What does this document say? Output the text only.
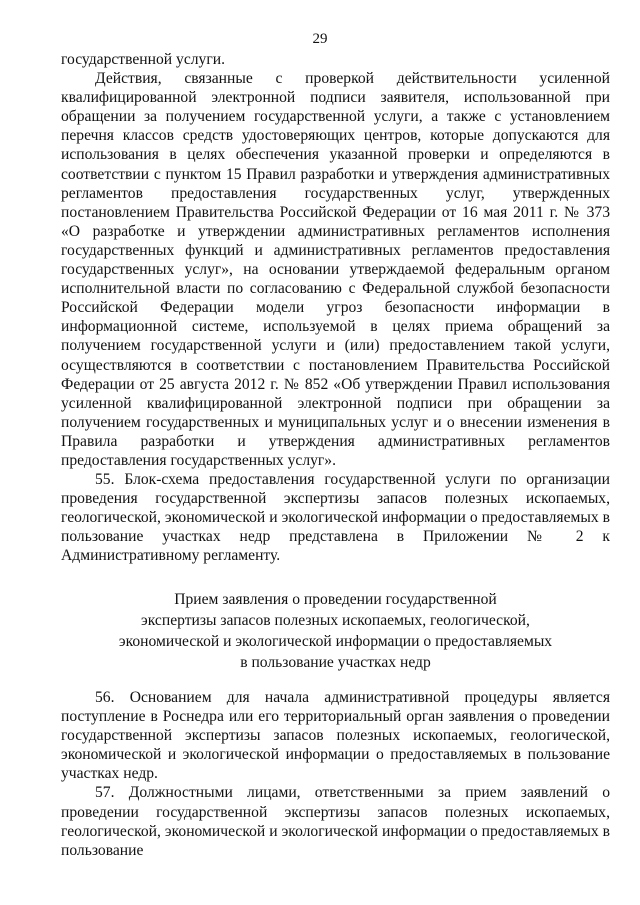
29

государственной услуги.

Действия, связанные с проверкой действительности усиленной квалифицированной электронной подписи заявителя, использованной при обращении за получением государственной услуги, а также с установлением перечня классов средств удостоверяющих центров, которые допускаются для использования в целях обеспечения указанной проверки и определяются в соответствии с пунктом 15 Правил разработки и утверждения административных регламентов предоставления государственных услуг, утвержденных постановлением Правительства Российской Федерации от 16 мая 2011 г. № 373 «О разработке и утверждении административных регламентов исполнения государственных функций и административных регламентов предоставления государственных услуг», на основании утверждаемой федеральным органом исполнительной власти по согласованию с Федеральной службой безопасности Российской Федерации модели угроз безопасности информации в информационной системе, используемой в целях приема обращений за получением государственной услуги и (или) предоставлением такой услуги, осуществляются в соответствии с постановлением Правительства Российской Федерации от 25 августа 2012 г. № 852 «Об утверждении Правил использования усиленной квалифицированной электронной подписи при обращении за получением государственных и муниципальных услуг и о внесении изменения в Правила разработки и утверждения административных регламентов предоставления государственных услуг».

55. Блок-схема предоставления государственной услуги по организации проведения государственной экспертизы запасов полезных ископаемых, геологической, экономической и экологической информации о предоставляемых в пользование участках недр представлена в Приложении № 2 к Административному регламенту.

Прием заявления о проведении государственной
экспертизы запасов полезных ископаемых, геологической,
экономической и экологической информации о предоставляемых
в пользование участках недр

56. Основанием для начала административной процедуры является поступление в Роснедра или его территориальный орган заявления о проведении государственной экспертизы запасов полезных ископаемых, геологической, экономической и экологической информации о предоставляемых в пользование участках недр.

57. Должностными лицами, ответственными за прием заявлений о проведении государственной экспертизы запасов полезных ископаемых, геологической, экономической и экологической информации о предоставляемых в пользование
